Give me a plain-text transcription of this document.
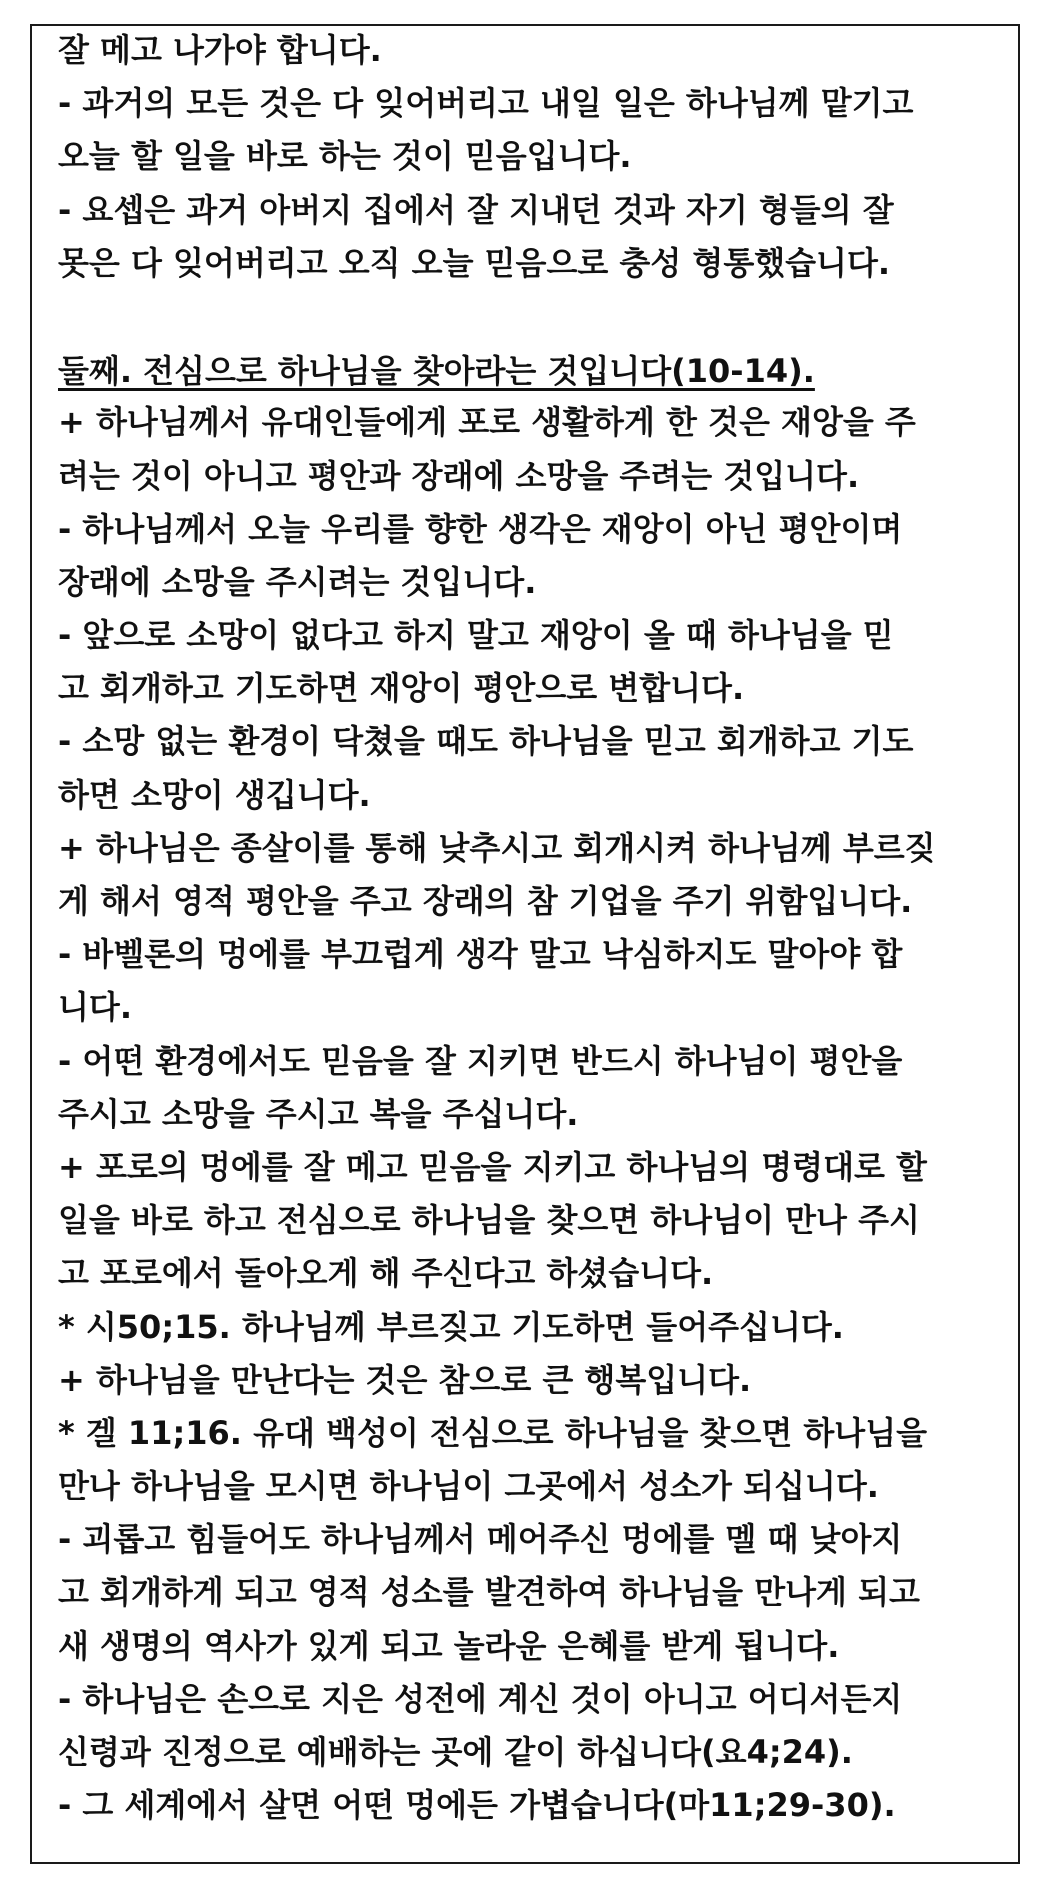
잘 메고 나가야 합니다.
- 과거의 모든 것은 다 잊어버리고 내일 일은 하나님께 맡기고
오늘 할 일을 바로 하는 것이 믿음입니다.
- 요셉은 과거 아버지 집에서 잘 지내던 것과 자기 형들의 잘
못은 다 잊어버리고 오직 오늘 믿음으로 충성 형통했습니다.
둘째. 전심으로 하나님을 찾아라는 것입니다(10-14).
+ 하나님께서 유대인들에게 포로 생활하게 한 것은 재앙을 주
려는 것이 아니고 평안과 장래에 소망을 주려는 것입니다.
- 하나님께서 오늘 우리를 향한 생각은 재앙이 아닌 평안이며
장래에 소망을 주시려는 것입니다.
- 앞으로 소망이 없다고 하지 말고 재앙이 올 때 하나님을 믿
고 회개하고 기도하면 재앙이 평안으로 변합니다.
- 소망 없는 환경이 닥쳤을 때도 하나님을 믿고 회개하고 기도
하면 소망이 생깁니다.
+ 하나님은 종살이를 통해 낮추시고 회개시켜 하나님께 부르짖
게 해서 영적 평안을 주고 장래의 참 기업을 주기 위함입니다.
- 바벨론의 멍에를 부끄럽게 생각 말고 낙심하지도 말아야 합
니다.
- 어떤 환경에서도 믿음을 잘 지키면 반드시 하나님이 평안을
주시고 소망을 주시고 복을 주십니다.
+ 포로의 멍에를 잘 메고 믿음을 지키고 하나님의 명령대로 할
일을 바로 하고 전심으로 하나님을 찾으면 하나님이 만나 주시
고 포로에서 돌아오게 해 주신다고 하셨습니다.
* 시50;15. 하나님께 부르짖고 기도하면 들어주십니다.
+ 하나님을 만난다는 것은 참으로 큰 행복입니다.
* 겔 11;16. 유대 백성이 전심으로 하나님을 찾으면 하나님을
만나 하나님을 모시면 하나님이 그곳에서 성소가 되십니다.
- 괴롭고 힘들어도 하나님께서 메어주신 멍에를 멜 때 낮아지
고 회개하게 되고 영적 성소를 발견하여 하나님을 만나게 되고
새 생명의 역사가 있게 되고 놀라운 은혜를 받게 됩니다.
- 하나님은 손으로 지은 성전에 계신 것이 아니고 어디서든지
신령과 진정으로 예배하는 곳에 같이 하십니다(요4;24).
- 그 세계에서 살면 어떤 멍에든 가볍습니다(마11;29-30).
